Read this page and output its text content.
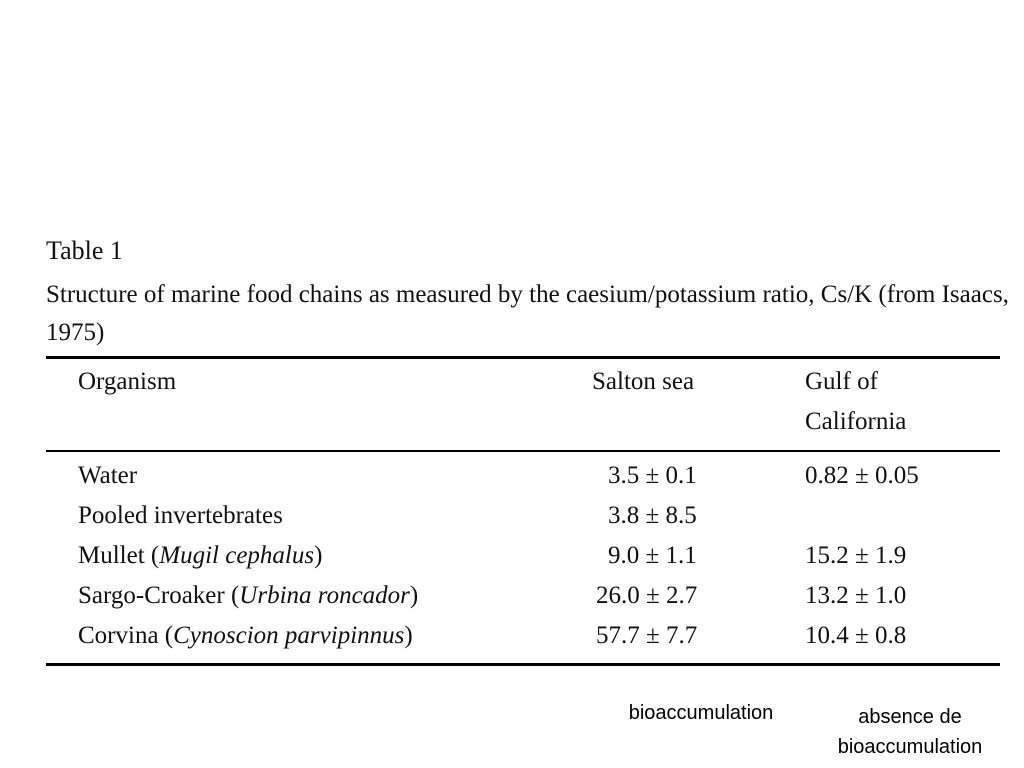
Table 1
Structure of marine food chains as measured by the caesium/potassium ratio, Cs/K (from Isaacs, 1975)
Organism	Salton sea	Gulf of
California
Water	3.5 ± 0.1	0.82 ± 0.05
Pooled invertebrates	3.8 ± 8.5
Mullet (Mugil cephalus)	9.0 ± 1.1	15.2 ± 1.9
Sargo-Croaker (Urbina roncador)	26.0 ± 2.7	13.2 ± 1.0
Corvina (Cynoscion parvipinnus)	57.7 ± 7.7	10.4 ± 0.8
bioaccumulation	absence de
bioaccumulation
